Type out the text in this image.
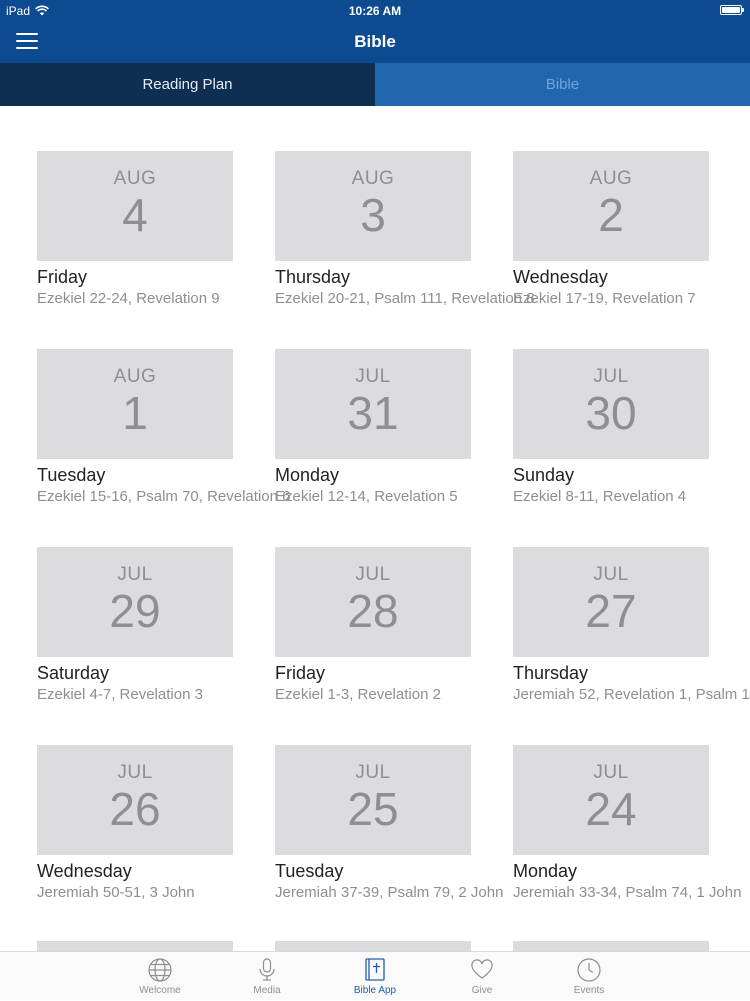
iPad	10:26 AM
Bible
Reading Plan	Bible
AUG
4
Friday
Ezekiel 22-24, Revelation 9
AUG
3
Thursday
Ezekiel 20-21, Psalm 111, Revelation 8
AUG
2
Wednesday
Ezekiel 17-19, Revelation 7
AUG
1
Tuesday
Ezekiel 15-16, Psalm 70, Revelation 6
JUL
31
Monday
Ezekiel 12-14, Revelation 5
JUL
30
Sunday
Ezekiel 8-11, Revelation 4
JUL
29
Saturday
Ezekiel 4-7, Revelation 3
JUL
28
Friday
Ezekiel 1-3, Revelation 2
JUL
27
Thursday
Jeremiah 52, Revelation 1, Psalm 1
JUL
26
Wednesday
Jeremiah 50-51, 3 John
JUL
25
Tuesday
Jeremiah 37-39, Psalm 79, 2 John
JUL
24
Monday
Jeremiah 33-34, Psalm 74, 1 John
Welcome	Media	Bible App	Give	Events
